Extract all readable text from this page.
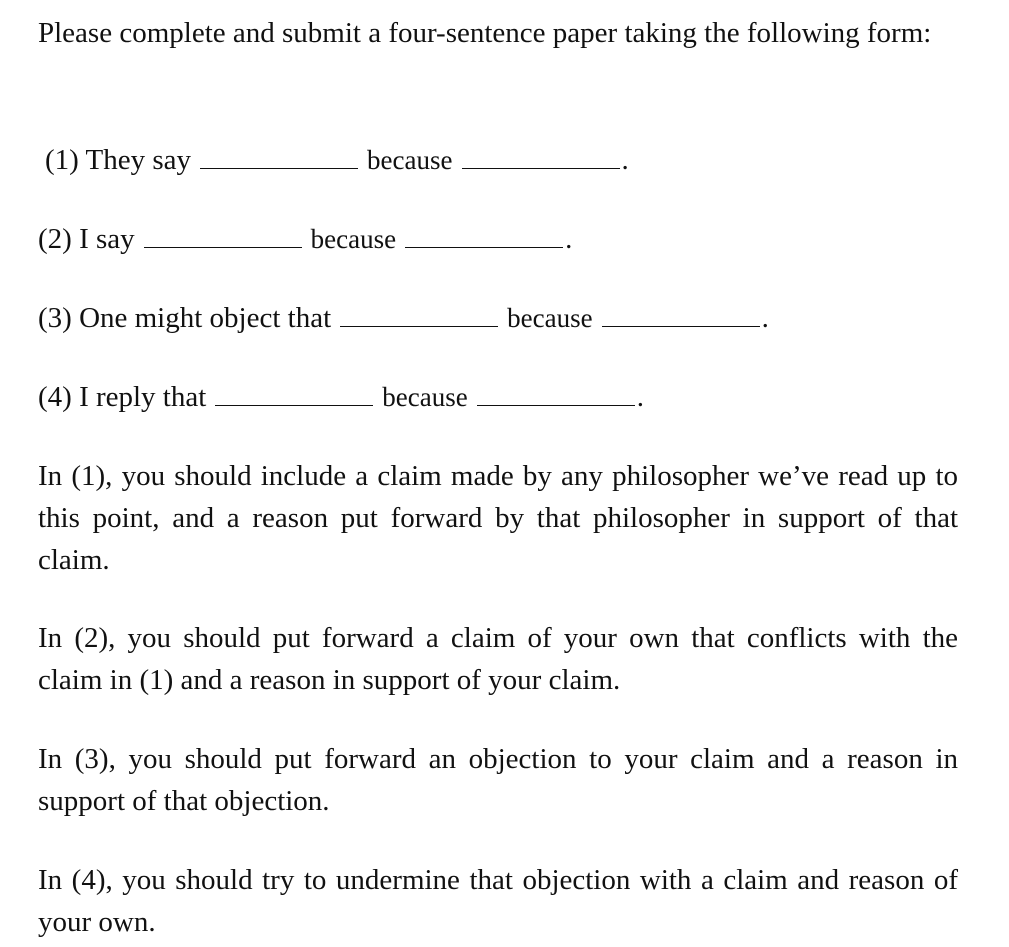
Please complete and submit a four-sentence paper taking the following form:

(1) They say	because	.
(2) I say	because	.
(3) One might object that	because	.
(4) I reply that	because	.

In (1), you should include a claim made by any philosopher we’ve read up to this point, and a reason put forward by that philosopher in support of that claim.

In (2), you should put forward a claim of your own that conflicts with the claim in (1) and a reason in support of your claim.

In (3), you should put forward an objection to your claim and a reason in support of that objection.

In (4), you should try to undermine that objection with a claim and reason of your own.
